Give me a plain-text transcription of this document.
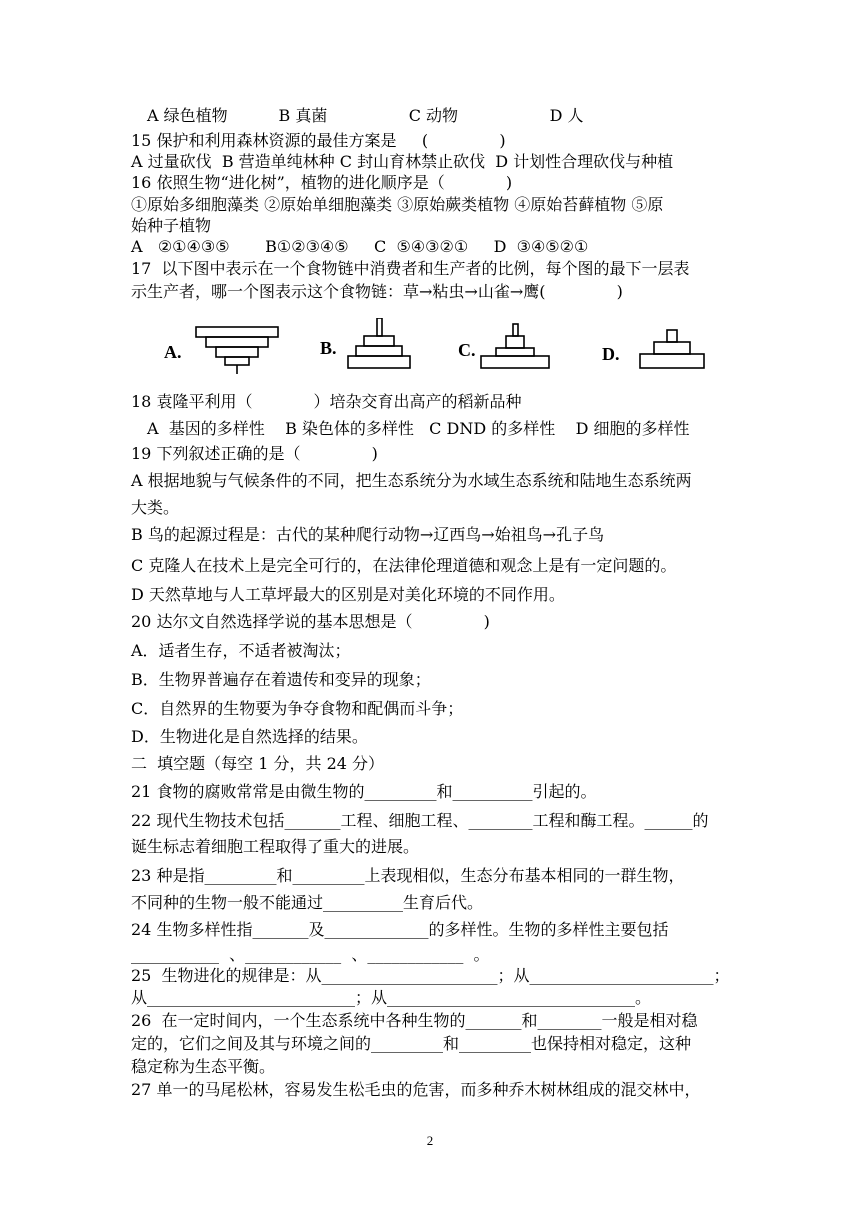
A 绿色植物          B 真菌                C 动物                  D 人
15 保护和利用森林资源的最佳方案是     (              )
A 过量砍伐  B 营造单纯林种 C 封山育林禁止砍伐  D 计划性合理砍伐与种植
16 依照生物“进化树”，植物的进化顺序是（            )
①原始多细胞藻类 ②原始单细胞藻类 ③原始蕨类植物 ④原始苔藓植物 ⑤原
始种子植物
A   ②①④③⑤       B①②③④⑤     C  ⑤④③②①     D  ③④⑤②①
17  以下图中表示在一个食物链中消费者和生产者的比例，每个图的最下一层表
示生产者，哪一个图表示这个食物链：草→粘虫→山雀→鹰(              )
A.	B.	C.	D.
18 袁隆平利用（            ）培杂交育出高产的稻新品种
A  基因的多样性    B 染色体的多样性   C DND 的多样性    D 细胞的多样性
19 下列叙述正确的是（              )
A 根据地貌与气候条件的不同，把生态系统分为水域生态系统和陆地生态系统两
大类。
B 鸟的起源过程是：古代的某种爬行动物→辽西鸟→始祖鸟→孔子鸟
C 克隆人在技术上是完全可行的，在法律伦理道德和观念上是有一定问题的。
D 天然草地与人工草坪最大的区别是对美化环境的不同作用。
20 达尔文自然选择学说的基本思想是（              )
A．适者生存，不适者被淘汰；
B．生物界普遍存在着遗传和变异的现象；
C．自然界的生物要为争夺食物和配偶而斗争；
D．生物进化是自然选择的结果。
二  填空题（每空 1 分，共 24 分）
21 食物的腐败常常是由微生物的_________和__________引起的。
22 现代生物技术包括_______工程、细胞工程、________工程和酶工程。______的
诞生标志着细胞工程取得了重大的进展。
23 种是指_________和_________上表现相似，生态分布基本相同的一群生物，
不同种的生物一般不能通过__________生育后代。
24 生物多样性指_______及_____________的多样性。生物的多样性主要包括
___________  、____________  、____________  。
25  生物进化的规律是：从______________________；从_______________________；
从__________________________；从_______________________________。
26  在一定时间内，一个生态系统中各种生物的_______和________一般是相对稳
定的，它们之间及其与环境之间的_________和_________也保持相对稳定，这种
稳定称为生态平衡。
27 单一的马尾松林，容易发生松毛虫的危害，而多种乔木树林组成的混交林中，
2
